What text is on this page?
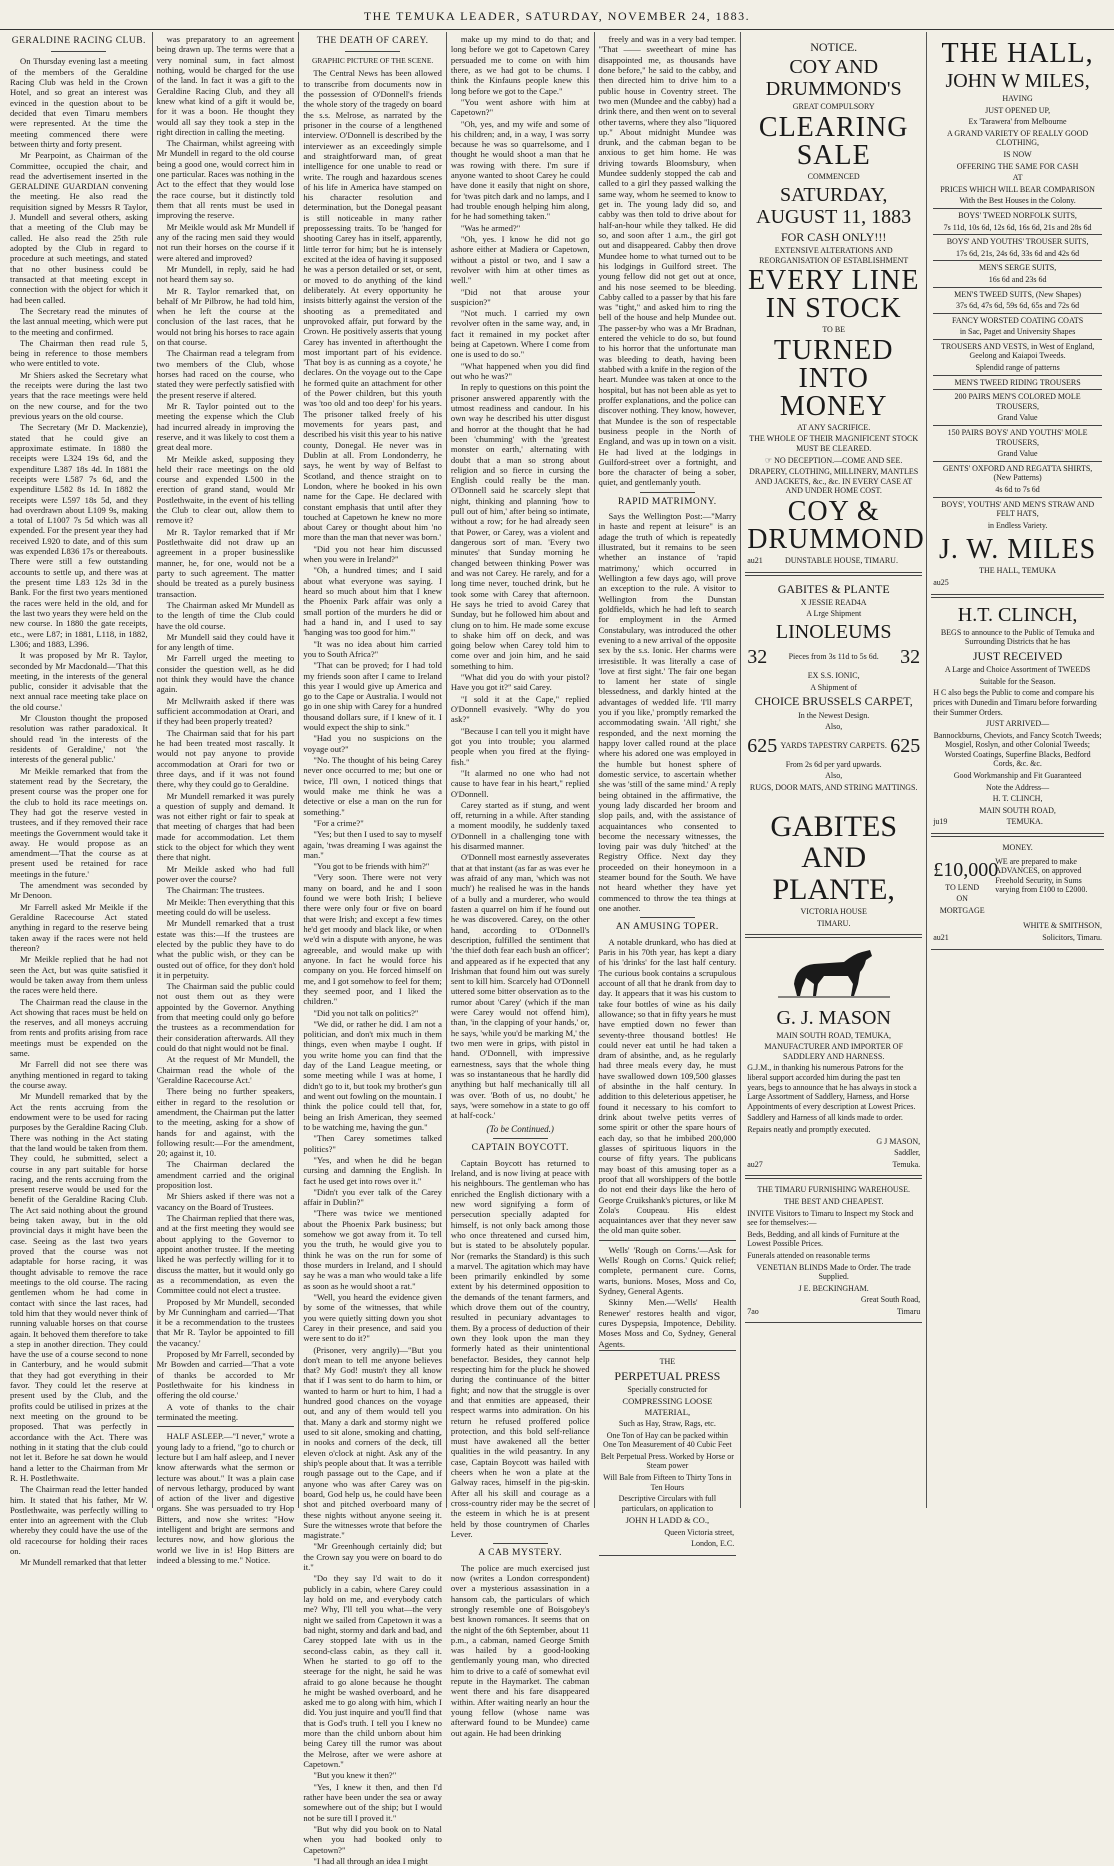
THE TEMUKA LEADER, SATURDAY, NOVEMBER 24, 1883.
GERALDINE RACING CLUB.

On Thursday evening last a meeting of the members of the Geraldine Racing Club was held in the Crown Hotel, and so great an interest was evinced in the question about to be decided that even Timaru members were represented. At the time the meeting commenced there were between thirty and forty present.

Mr Pearpoint, as Chairman of the Committee, occupied the chair, and read the advertisement inserted in the GERALDINE GUARDIAN convening the meeting. He also read the requisition signed by Messrs R Taylor, J. Mundell and several others, asking that a meeting of the Club may be called. He also read the 25th rule adopted by the Club in regard to procedure at such meetings, and stated that no other business could be transacted at that meeting except in connection with the object for which it had been called.

The Secretary read the minutes of the last annual meeting, which were put to the meeting and confirmed.

The Chairman then read rule 5, being in reference to those members who were entitled to vote.

Mr Shiers asked the Secretary what the receipts were during the last two years that the race meetings were held on the new course, and for the two previous years on the old course.

The Secretary (Mr D. Mackenzie), stated that he could give an approximate estimate. In 1880 the receipts were L324 19s 6d, and the expenditure L387 18s 4d. In 1881 the receipts were L587 7s 6d, and the expenditure L582 8s 1d. In 1882 the receipts were L597 18s 5d, and they had overdrawn about L109 9s, making a total of L1007 7s 5d which was all expended. For the present year they had received L920 to date, and of this sum was expended L836 17s or thereabouts. There were still a few outstanding accounts to settle up, and there was at the present time L83 12s 3d in the Bank. For the first two years mentioned the races were held in the old, and for the last two years they were held on the new course. In 1880 the gate receipts, etc., were L87; in 1881, L118, in 1882, L306; and 1883, L396.

It was proposed by Mr R. Taylor, seconded by Mr Macdonald—'That this meeting, in the interests of the general public, consider it advisable that the next annual race meeting take place on the old course.'

Mr Clouston thought the proposed resolution was rather paradoxical. It should read 'in the interests of the residents of Geraldine,' not 'the interests of the general public.'

Mr Meikle remarked that from the statement read by the Secretary, the present course was the proper one for the club to hold its race meetings on. They had got the reserve vested in trustees, and if they removed their race meetings the Government would take it away. He would propose as an amendment—'That the course as at present used be retained for race meetings in the future.'

The amendment was seconded by Mr Denoon.

Mr Farrell asked Mr Meikle if the Geraldine Racecourse Act stated anything in regard to the reserve being taken away if the races were not held thereon?

Mr Meikle replied that he had not seen the Act, but was quite satisfied it would be taken away from them unless the races were held there.

The Chairman read the clause in the Act showing that races must be held on the reserves, and all moneys accruing from rents and profits arising from race meetings must be expended on the same.

Mr Farrell did not see there was anything mentioned in regard to taking the course away.

Mr Mundell remarked that by the Act the rents accruing from the endowment were to be used for racing purposes by the Geraldine Racing Club. There was nothing in the Act stating that the land would be taken from them. They could, he submitted, select a course in any part suitable for horse racing, and the rents accruing from the present reserve would be used for the benefit of the Geraldine Racing Club. The Act said nothing about the ground being taken away, but in the old provincial days it might have been the case. Seeing as the last two years proved that the course was not adaptable for horse racing, it was thought advisable to remove the race meetings to the old course. The racing gentlemen whom he had come in contact with since the last races, had told him that they would never think of running valuable horses on that course again. It behoved them therefore to take a step in another direction. They could have the use of a course second to none in Canterbury, and he would submit that they had got everything in their favor. They could let the reserve at present used by the Club, and the profits could be utilised in prizes at the next meeting on the ground to be proposed. That was perfectly in accordance with the Act. There was nothing in it stating that the club could not let it. Before he sat down he would hand a letter to the Chairman from Mr R. H. Postlethwaite.

The Chairman read the letter handed him. It stated that his father, Mr W. Postlethwaite, was perfectly willing to enter into an agreement with the Club whereby they could have the use of the old racecourse for holding their races on.

Mr Mundell remarked that that letter

was preparatory to an agreement being drawn up. The terms were that a very nominal sum, in fact almost nothing, would be charged for the use of the land. In fact it was a gift to the Geraldine Racing Club, and they all knew what kind of a gift it would be, for it was a boon. He thought they would all say they took a step in the right direction in calling the meeting.

The Chairman, whilst agreeing with Mr Mundell in regard to the old course being a good one, would correct him in one particular. Races was nothing in the Act to the effect that they would lose the race course, but it distinctly told them that all rents must be used in improving the reserve.

Mr Meikle would ask Mr Mundell if any of the racing men said they would not run their horses on the course if it were altered and improved?

Mr Mundell, in reply, said he had not heard them say so.

Mr R. Taylor remarked that, on behalf of Mr Pilbrow, he had told him, when he left the course at the conclusion of the last races, that he would not bring his horses to race again on that course.

The Chairman read a telegram from two members of the Club, whose horses had raced on the course, who stated they were perfectly satisfied with the present reserve if altered.

Mr R. Taylor pointed out to the meeting the expense which the Club had incurred already in improving the reserve, and it was likely to cost them a great deal more.

Mr Meikle asked, supposing they held their race meetings on the old course and expended L500 in the erection of grand stand, would Mr Postlethwaite, in the event of his telling the Club to clear out, allow them to remove it?

Mr R. Taylor remarked that if Mr Postlethwaite did not draw up an agreement in a proper businesslike manner, he, for one, would not be a party to such agreement. The matter should be treated as a purely business transaction.

The Chairman asked Mr Mundell as to the length of time the Club could have the old course.

Mr Mundell said they could have it for any length of time.

Mr Farrell urged the meeting to consider the question well, as he did not think they would have the chance again.

Mr Mcllwraith asked if there was sufficient accommodation at Orari, and if they had been properly treated?

The Chairman said that for his part he had been treated most rascally. It would not pay anyone to provide accommodation at Orari for two or three days, and if it was not found there, why they could go to Geraldine.

Mr Mundell remarked it was purely a question of supply and demand. It was not either right or fair to speak at that meeting of charges that had been made for accommodation. Let them stick to the object for which they went there that night.

Mr Meikle asked who had full power over the course?

The Chairman: The trustees.

Mr Meikle: Then everything that this meeting could do will be useless.

Mr Mundell remarked that a trust estate was this:—If the trustees are elected by the public they have to do what the public wish, or they can be ousted out of office, for they don't hold it in perpetuity.

The Chairman said the public could not oust them out as they were appointed by the Governor. Anything from that meeting could only go before the trustees as a recommendation for their consideration afterwards. All they could do that night would not be final.

At the request of Mr Mundell, the Chairman read the whole of the 'Geraldine Racecourse Act.'

There being no further speakers, either in regard to the resolution or amendment, the Chairman put the latter to the meeting, asking for a show of hands for and against, with the following result:—For the amendment, 20; against it, 10.

The Chairman declared the amendment carried and the original proposition lost.

Mr Shiers asked if there was not a vacancy on the Board of Trustees.

The Chairman replied that there was, and at the first meeting they would see about applying to the Governor to appoint another trustee. If the meeting liked he was perfectly willing for it to discuss the matter, but it would only go as a recommendation, as even the Committee could not elect a trustee.

Proposed by Mr Mundell, seconded by Mr Cunningham and carried—'That it be a recommendation to the trustees that Mr R. Taylor be appointed to fill the vacancy.'

Proposed by Mr Farrell, seconded by Mr Bowden and carried—'That a vote of thanks be accorded to Mr Postlethwaite for his kindness in offering the old course.'

A vote of thanks to the chair terminated the meeting.

HALF ASLEEP.—"I never," wrote a young lady to a friend, "go to church or lecture but I am half asleep, and I never know afterwards what the sermon or lecture was about." It was a plain case of nervous lethargy, produced by want of action of the liver and digestive organs. She was persuaded to try Hop Bitters, and now she writes: "How intelligent and bright are sermons and lectures now, and how glorious the world we live in is! Hop Bitters are indeed a blessing to me." Notice.

THE DEATH OF CAREY.
GRAPHIC PICTURE OF THE SCENE.

The Central News has been allowed to transcribe from documents now in the possession of O'Donnell's friends the whole story of the tragedy on board the s.s. Melrose, as narrated by the prisoner in the course of a lengthened interview. O'Donnell is described by the interviewer as an exceedingly simple and straightforward man, of great intelligence for one unable to read or write. The rough and hazardous scenes of his life in America have stamped on his character resolution and determination, but the Donegal peasant is still noticeable in many rather prepossessing traits. To be 'hanged for shooting Carey has in itself, apparently, little terror for him; but he is intensely excited at the idea of having it supposed he was a person detailed or set, or sent, or moved to do anything of the kind deliberately. At every opportunity he insists bitterly against the version of the shooting as a premeditated and unprovoked affair, put forward by the Crown. He positively asserts that young Carey has invented in afterthought the most important part of his evidence. 'That boy is as cunning as a coyote,' he declares. On the voyage out to the Cape he formed quite an attachment for other of the Power children, but this youth was 'too old and too deep' for his years. The prisoner talked freely of his movements for years past, and described his visit this year to his native county, Donegal. He never was in Dublin at all. From Londonderry, he says, he went by way of Belfast to Scotland, and thence straight on to London, where he booked in his own name for the Cape. He declared with constant emphasis that until after they touched at Capetown he knew no more about Carey or thought about him 'no more than the man that never was born.'

"Did you not hear him discussed when you were in Ireland?"

"Oh, a hundred times; and I said about what everyone was saying. I heard so much about him that I knew the Phoenix Park affair was only a small portion of the murders he did or had a hand in, and I used to say 'hanging was too good for him.'"

"It was no idea about him carried you to South Africa?"

"That can be proved; for I had told my friends soon after I came to Ireland this year I would give up America and go to the Cape or Australia. I would not go in one ship with Carey for a hundred thousand dollars sure, if I knew of it. I would expect the ship to sink."

"Had you no suspicions on the voyage out?"

"No. The thought of his being Carey never once occurred to me; but one or twice, I'll own, I noticed things that would make me think he was a detective or else a man on the run for something."

"For a crime?"

"Yes; but then I used to say to myself again, 'twas dreaming I was against the man."

"You got to be friends with him?"

"Very soon. There were not very many on board, and he and I soon found we were both Irish; I believe there were only four or five on board that were Irish; and except a few times he'd get moody and black like, or when we'd win a dispute with anyone, he was agreeable, and would make up with anyone. In fact he would force his company on you. He forced himself on me, and I got somehow to feel for them; they seemed poor, and I liked the children."

"Did you not talk on politics?"

"We did, or rather he did. I am not a politician, and don't mix much in them things, even when maybe I ought. If you write home you can find that the day of the Land League meeting, or some meeting while I was at home, I didn't go to it, but took my brother's gun and went out fowling on the mountain. I think the police could tell that, for, being an Irish American, they seemed to be watching me, having the gun."

"Then Carey sometimes talked politics?"

"Yes, and when he did he began cursing and damning the English. In fact he used get into rows over it."

"Didn't you ever talk of the Carey affair in Dublin?"

"There was twice we mentioned about the Phoenix Park business; but somehow we got away from it. To tell you the truth, he would give you to think he was on the run for some of those murders in Ireland, and I should say he was a man who would take a life as soon as he would shoot a rat."

"Well, you heard the evidence given by some of the witnesses, that while you were quietly sitting down you shot Carey in their presence, and said you were sent to do it?"

(Prisoner, very angrily)—"But you don't mean to tell me anyone believes that? My God! mustn't they all know that if I was sent to do harm to him, or wanted to harm or hurt to him, I had a hundred good chances on the voyage out, and any of them would tell you that. Many a dark and stormy night we used to sit alone, smoking and chatting, in nooks and corners of the deck, till eleven o'clock at night. Ask any of the ship's people about that. It was a terrible rough passage out to the Cape, and if anyone who was after Carey was on board, God help us, he could have been shot and pitched overboard many of these nights without anyone seeing it. Sure the witnesses wrote that before the magistrate."

"Mr Greenhough certainly did; but the Crown say you were on board to do it."

"Do they say I'd wait to do it publicly in a cabin, where Carey could lay hold on me, and everybody catch me? Why, I'll tell you what—the very night we sailed from Capetown it was a bad night, stormy and dark and bad, and Carey stopped late with us in the second-class cabin, as they call it. When he started to go off to the steerage for the night, he said he was afraid to go alone because he thought he might be washed overboard, and he asked me to go along with him, which I did. You just inquire and you'll find that that is God's truth. I tell you I knew no more than the child unborn about him being Carey till the rumor was about the Melrose, after we were ashore at Capetown."

"But you knew it then?"

"Yes, I knew it then, and then I'd rather have been under the sea or away somewhere out of the ship; but I would not be sure till I proved it."

"But why did you book on to Natal when you had booked only to Capetown?"

"I had all through an idea I might

make up my mind to do that; and long before we got to Capetown Carey persuaded me to come on with him there, as we had got to be chums. I think the Kinfauns people knew this long before we got to the Cape."

"You went ashore with him at Capetown?"

"Oh, yes, and my wife and some of his children; and, in a way, I was sorry because he was so quarrelsome, and I thought he would shoot a man that he was rowing with there. I'm sure if anyone wanted to shoot Carey he could have done it easily that night on shore, for 'twas pitch dark and no lamps, and I had trouble enough helping him along, for he had something taken."

"Was he armed?"

"Oh, yes. I know he did not go ashore either at Madiera or Capetown, without a pistol or two, and I saw a revolver with him at other times as well."

"Did not that arouse your suspicion?"

"Not much. I carried my own revolver often in the same way, and, in fact it remained in my pocket after being at Capetown. Where I come from one is used to do so."

"What happened when you did find out who he was?"

In reply to questions on this point the prisoner answered apparently with the utmost readiness and candour. In his own way he described his utter disgust and horror at the thought that he had been 'chumming' with the 'greatest monster on earth,' alternating with doubt that a man so strong about religion and so fierce in cursing the English could really be the man. O'Donnell said he scarcely slept that night, thinking and planning 'how to pull out of him,' after being so intimate, without a row; for he had already seen that Power, or Carey, was a violent and dangerous sort of man. 'Every two minutes' that Sunday morning he changed between thinking Power was and was not Carey. He rarely, and for a long time never, touched drink, but he took some with Carey that afternoon. He says he tried to avoid Carey that Sunday, but he followed him about and clung on to him. He made some excuse to shake him off on deck, and was going below when Carey told him to come over and join him, and he said something to him.

"What did you do with your pistol? Have you got it?" said Carey.

"I sold it at the Cape," replied O'Donnell evasively. "Why do you ask?"

"Because I can tell you it might have got you into trouble; you alarmed people when you fired at the flying-fish."

"It alarmed no one who had not cause to have fear in his heart," replied O'Donnell.

Carey started as if stung, and went off, returning in a while. After standing a moment moodily, he suddenly taxed O'Donnell in a challenging tone with his disarmed manner.

O'Donnell most earnestly asseverates that at that instant (as far as was ever he was afraid of any man, 'which was not much') he realised he was in the hands of a bully and a murderer, who would fasten a quarrel on him if he found out he was discovered. Carey, on the other hand, according to O'Donnell's description, fulfilled the sentiment that 'the thief doth fear each bush an officer'; and appeared as if he expected that any Irishman that found him out was surely sent to kill him. Scarcely had O'Donnell uttered some bitter observation as to the rumor about 'Carey' (which if the man were Carey would not offend him), than, 'in the clapping of your hands,' or, he says, 'while you'd be marking M,' the two men were in grips, with pistol in hand. O'Donnell, with impressive earnestness, says that the whole thing was so instantaneous that he hardly did anything but half mechanically till all was over. 'Both of us, no doubt,' he says, 'were somehow in a state to go off at half-cock.'

(To be Continued.)

CAPTAIN BOYCOTT.

Captain Boycott has returned to Ireland, and is now living at peace with his neighbours. The gentleman who has enriched the English dictionary with a new word signifying a form of persecution specially adapted for himself, is not only back among those who once threatened and cursed him, but is stated to be absolutely popular. Nor (remarks the Standard) is this such a marvel. The agitation which may have been primarily enkindled by some extent by his determined opposition to the demands of the tenant farmers, and which drove them out of the country, resulted in pecuniary advantages to them. By a process of deduction of their own they look upon the man they formerly hated as their unintentional benefactor. Besides, they cannot help respecting him for the pluck he showed during the continuance of the bitter fight; and now that the struggle is over and that enmities are appeased, their respect warms into admiration. On his return he refused proffered police protection, and this bold self-reliance must have awakened all the better qualities in the wild peasantry. In any case, Captain Boycott was hailed with cheers when he won a plate at the Galway races, himself in the pig-skin. After all his skill and courage as a cross-country rider may be the secret of the esteem in which he is at present held by those countrymen of Charles Lever.

A CAB MYSTERY.

The police are much exercised just now (writes a London correspondent) over a mysterious assassination in a hansom cab, the particulars of which strongly resemble one of Boisgobey's best known romances. It seems that on the night of the 6th September, about 11 p.m., a cabman, named George Smith was hailed by a good-looking gentlemanly young man, who directed him to drive to a café of somewhat evil repute in the Haymarket. The cabman went there and his fare disappeared within. After waiting nearly an hour the young fellow (whose name was afterward found to be Mundee) came out again. He had been drinking

freely and was in a very bad temper. "That —— sweetheart of mine has disappointed me, as thousands have done before," he said to the cabby, and then directed him to drive him to a public house in Coventry street. The two men (Mundee and the cabby) had a drink there, and then went on to several other taverns, where they also "liquored up." About midnight Mundee was drunk, and the cabman began to be anxious to get him home. He was driving towards Bloomsbury, when Mundee suddenly stopped the cab and called to a girl they passed walking the same way, whom he seemed to know to get in. The young lady did so, and cabby was then told to drive about for half-an-hour while they talked. He did so, and soon after 1 a.m., the girl got out and disappeared. Cabby then drove Mundee home to what turned out to be his lodgings in Guilford street. The young fellow did not get out at once, and his nose seemed to be bleeding. Cabby called to a passer by that his fare was "tight," and asked him to ring the bell of the house and help Mundee out. The passer-by who was a Mr Bradnan, entered the vehicle to do so, but found to his horror that the unfortunate man was bleeding to death, having been stabbed with a knife in the region of the heart. Mundee was taken at once to the hospital, but has not been able as yet to proffer explanations, and the police can discover nothing. They know, however, that Mundee is the son of respectable business people in the North of England, and was up in town on a visit. He had lived at the lodgings in Guilford-street over a fortnight, and bore the character of being a sober, quiet, and gentlemanly youth.

RAPID MATRIMONY.

Says the Wellington Post:—"Marry in haste and repent at leisure" is an adage the truth of which is repeatedly illustrated, but it remains to be seen whether an instance of 'rapid matrimony,' which occurred in Wellington a few days ago, will prove an exception to the rule. A visitor to Wellington from the Dunstan goldfields, which he had left to search for employment in the Armed Constabulary, was introduced the other evening to a new arrival of the opposite sex by the s.s. Ionic. Her charms were irresistible. It was literally a case of 'love at first sight.' The fair one began to lament her state of single blessedness, and darkly hinted at the advantages of wedded life. 'I'll marry you if you like,' promptly remarked the accommodating swain. 'All right,' she responded, and the next morning the happy lover called round at the place where his adored one was employed in the humble but honest sphere of domestic service, to ascertain whether she was 'still of the same mind.' A reply being obtained in the affirmative, the young lady discarded her broom and slop pails, and, with the assistance of acquaintances who consented to become the necessary witnesses, the loving pair was duly 'hitched' at the Registry Office. Next day they proceeded on their honeymoon in a steamer bound for the South. We have not heard whether they have yet commenced to throw the tea things at one another.

AN AMUSING TOPER.

A notable drunkard, who has died at Paris in his 70th year, has kept a diary of his 'drinks' for the last half century. The curious book contains a scrupulous account of all that he drank from day to day. It appears that it was his custom to take four bottles of wine as his daily allowance; so that in fifty years he must have emptied down no fewer than seventy-three thousand bottles! He could never eat until he had taken a dram of absinthe, and, as he regularly had three meals every day, he must have swallowed down 109,500 glasses of absinthe in the half century. In addition to this deleterious appetiser, he found it necessary to his comfort to drink about twelve petits verres of some spirit or other the spare hours of each day, so that he imbibed 200,000 glasses of spirituous liquors in the course of fifty years. The publicans may boast of this amusing toper as a proof that all worshippers of the bottle do not end their days like the hero of George Cruikshank's pictures, or like M Zola's Coupeau. His eldest acquaintances aver that they never saw the old man quite sober.

Wells' 'Rough on Corns.'—Ask for Wells' Rough on Corns.' Quick relief; complete, permanent cure. Corns, warts, bunions. Moses, Moss and Co, Sydney, General Agents.

Skinny Men.—'Wells' Health Renewer' restores health and vigor, cures Dyspepsia, Impotence, Debility. Moses Moss and Co, Sydney, General Agents.

THE
PERPETUAL PRESS
Specially constructed for
COMPRESSING LOOSE MATERIAL,
Such as Hay, Straw, Rags, etc.
One Ton of Hay can be packed within One Ton Measurement of 40 Cubic Feet
Belt Perpetual Press. Worked by Horse or Steam power
Will Bale from Fifteen to Thirty Tons in Ten Hours
Descriptive Circulars with full particulars, on application to
JOHN H LADD & CO.,
Queen Victoria street,
London, E.C.
NOTICE.
COY AND DRUMMOND'S
GREAT COMPULSORY
CLEARING SALE
COMMENCED
SATURDAY, AUGUST 11, 1883
FOR CASH ONLY!!!
EXTENSIVE ALTERATIONS AND REORGANISATION OF ESTABLISHMENT
EVERY LINE IN STOCK
TO BE
TURNED INTO MONEY
AT ANY SACRIFICE.
THE WHOLE OF THEIR MAGNIFICENT STOCK MUST BE CLEARED.
☞ NO DECEPTION.—COME AND SEE.
DRAPERY, CLOTHING, MILLINERY, MANTLES AND JACKETS, &c., &c. IN EVERY CASE AT AND UNDER HOME COST.
COY & DRUMMOND
au21	DUNSTABLE HOUSE, TIMARU.
GABITES & PLANTE
X JESSIE READ4A
A Lrge Shipment
LINOLEUMS
32	Pieces from 3s 11d to 5s 6d. 32
EX S.S. IONIC,
A Shipment of
CHOICE BRUSSELS CARPET,
In the Newest Design.
Also,
625 YARDS TAPESTRY CARPETS. 625
From 2s 6d per yard upwards.
Also,
RUGS, DOOR MATS, AND STRING MATTINGS.
GABITES AND PLANTE,
VICTORIA HOUSE
TIMARU.
G. J. MASON
MAIN SOUTH ROAD, TEMUKA,
MANUFACTURER AND IMPORTER OF SADDLERY AND HARNESS.
G.J.M., in thanking his numerous Patrons for the liberal support accorded him during the past ten years, begs to announce that he has always in stock a Large Assortment of Saddlery, Harness, and Horse Appointments of every description at Lowest Prices.
Saddlery and Harness of all kinds made to order.
Repairs neatly and promptly executed.
G J MASON,
Saddler,
au27	Temuka.
THE TIMARU FURNISHING WAREHOUSE.
THE BEST AND CHEAPEST.
INVITE Visitors to Timaru to Inspect my Stock and see for themselves:—
Beds, Bedding, and all kinds of Furniture at the Lowest Possible Prices.
Funerals attended on reasonable terms
VENETIAN BLINDS Made to Order. The trade Supplied.
J E. BECKINGHAM.
Great South Road,
7ao	Timaru
THE HALL,
JOHN W MILES,
HAVING
JUST OPENED UP,
Ex 'Tarawera' from Melbourne
A GRAND VARIETY OF REALLY GOOD CLOTHING,
IS NOW
OFFERING THE SAME FOR CASH
AT
PRICES WHICH WILL BEAR COMPARISON
With the Best Houses in the Colony.
BOYS' TWEED NORFOLK SUITS,
7s 11d, 10s 6d, 12s 6d, 16s 6d, 21s and 28s 6d
BOYS' AND YOUTHS' TROUSER SUITS,
17s 6d, 21s, 24s 6d, 33s 6d and 42s 6d
MEN'S SERGE SUITS,
16s 6d and 23s 6d
MEN'S TWEED SUITS, (New Shapes)
37s 6d, 47s 6d, 59s 6d, 65s and 72s 6d
FANCY WORSTED COATING COATS
in Sac, Paget and University Shapes
TROUSERS AND VESTS, in West of England, Geelong and Kaiapoi Tweeds.
Splendid range of patterns
MEN'S TWEED RIDING TROUSERS
200 PAIRS MEN'S COLORED MOLE TROUSERS,
Grand Value
150 PAIRS BOYS' AND YOUTHS' MOLE TROUSERS,
Grand Value
GENTS' OXFORD AND REGATTA SHIRTS, (New Patterns)
4s 6d to 7s 6d
BOYS', YOUTHS' AND MEN'S STRAW AND FELT HATS,
in Endless Variety.
J. W. MILES
THE HALL, TEMUKA
au25
H.T. CLINCH,
BEGS to announce to the Public of Temuka and Surrounding Districts that he has
JUST RECEIVED
A Large and Choice Assortment of TWEEDS
Suitable for the Season.
H C also begs the Public to come and compare his prices with Dunedin and Timaru before forwarding their Summer Orders.
JUST ARRIVED—
Bannockburns, Cheviots, and Fancy Scotch Tweeds; Mosgiel, Roslyn, and other Colonial Tweeds; Worsted Coatings, Superfine Blacks, Bedford Cords, &c. &c.
Good Workmanship and Fit Guaranteed
Note the Address—
H. T. CLINCH,
MAIN SOUTH ROAD,
ju19	TEMUKA.
MONEY.
£10,000
TO LEND
ON
MORTGAGE
WE are prepared to make ADVANCES, on approved Freehold Security, in Sums varying from £100 to £2000.
WHITE & SMITHSON,
au21	Solicitors, Timaru.
